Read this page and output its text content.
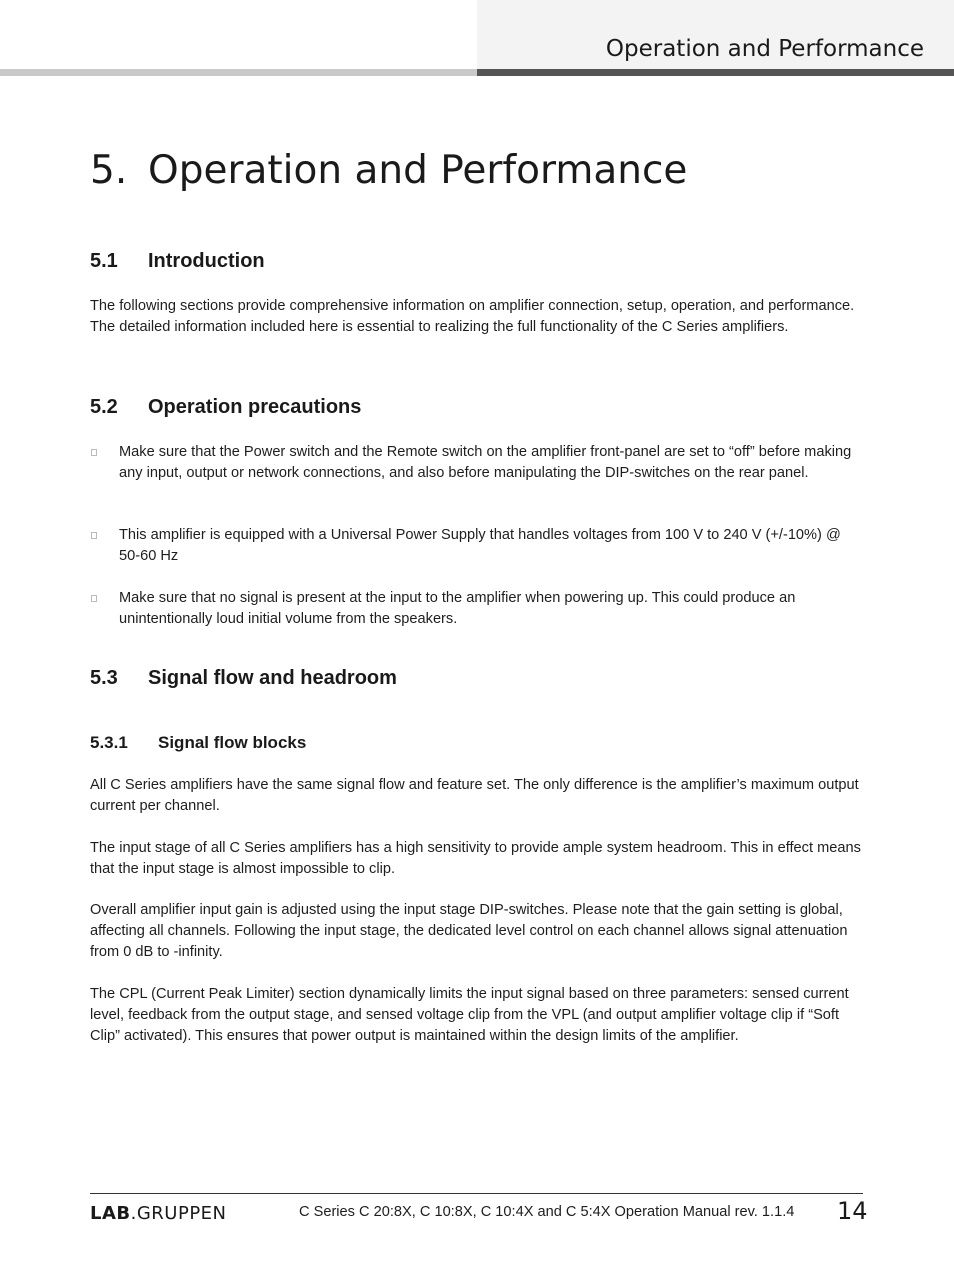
Operation and Performance
5. Operation and Performance
5.1 Introduction

The following sections provide comprehensive information on amplifier connection, setup, operation, and performance. The detailed information included here is essential to realizing the full functionality of the C Series amplifiers.

5.2 Operation precautions
Make sure that the Power switch and the Remote switch on the amplifier front-panel are set to “off” before making any input, output or network connections, and also before manipulating the DIP-switches on the rear panel.
This amplifier is equipped with a Universal Power Supply that handles voltages from 100 V to 240 V (+/-10%) @ 50-60 Hz
Make sure that no signal is present at the input to the amplifier when powering up. This could produce an unintentionally loud initial volume from the speakers.
5.3 Signal flow and headroom
5.3.1 Signal flow blocks

All C Series amplifiers have the same signal flow and feature set. The only difference is the amplifier’s maximum output current per channel.

The input stage of all C Series amplifiers has a high sensitivity to provide ample system headroom. This in effect means that the input stage is almost impossible to clip.

Overall amplifier input gain is adjusted using the input stage DIP-switches. Please note that the gain setting is global, affecting all channels. Following the input stage, the dedicated level control on each channel allows signal attenuation from 0 dB to -infinity.

The CPL (Current Peak Limiter) section dynamically limits the input signal based on three parameters: sensed current level, feedback from the output stage, and sensed voltage clip from the VPL (and output amplifier voltage clip if “Soft Clip” activated). This ensures that power output is maintained within the design limits of the amplifier.

LAB.GRUPPEN	C Series C 20:8X, C 10:8X, C 10:4X and C 5:4X Operation Manual rev. 1.1.4 14
